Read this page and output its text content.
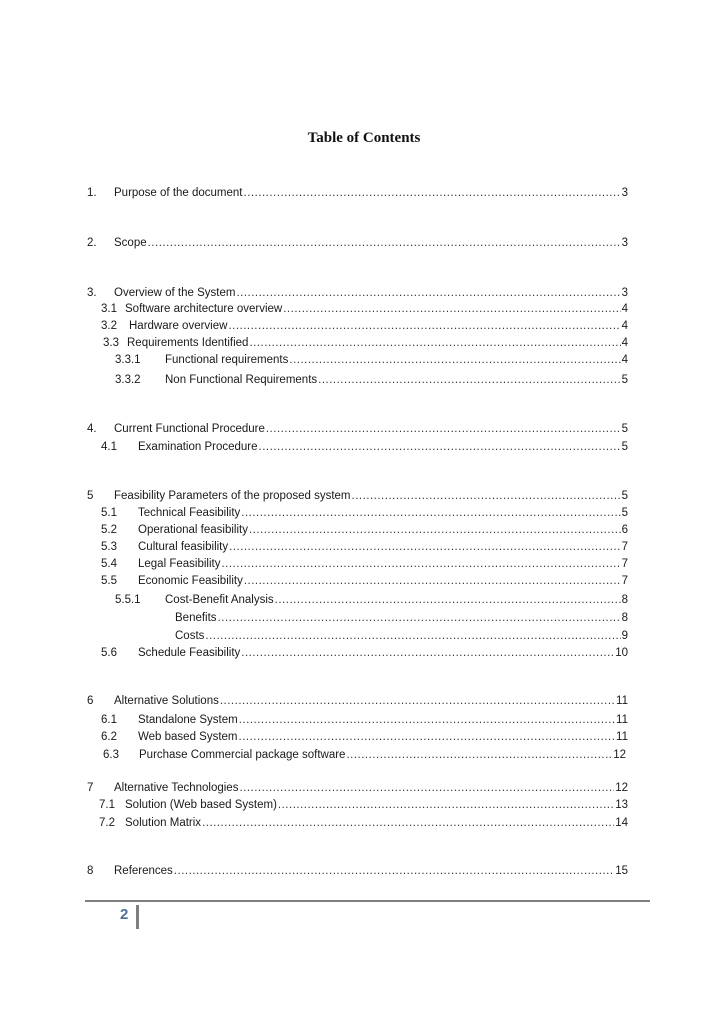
Table of Contents
1.	Purpose of the document .....	3
2.	Scope .....	3
3.	Overview of the System .....	3
3.1 Software architecture overview .....	4
3.2	Hardware overview .....	4
3.3 Requirements Identified .....	4
3.3.1	Functional requirements .....	4
3.3.2	Non Functional Requirements .....	5
4.	Current Functional Procedure .....	5
4.1	Examination Procedure .....	5
5	Feasibility Parameters of the proposed system .....	5
5.1	Technical Feasibility .....	5
5.2	Operational feasibility .....	6
5.3	Cultural feasibility .....	7
5.4	Legal Feasibility .....	7
5.5	Economic Feasibility .....	7
5.5.1	Cost-Benefit Analysis .....	8
Benefits .....	8
Costs .....	9
5.6	Schedule Feasibility .....	10
6	Alternative Solutions .....	11
6.1	Standalone System .....	11
6.2	Web based System .....	11
6.3	Purchase Commercial package software .....	12
7	Alternative Technologies .....	12
7.1 Solution (Web based System) .....	13
7.2 Solution Matrix .....	14
8	References .....	15
2
